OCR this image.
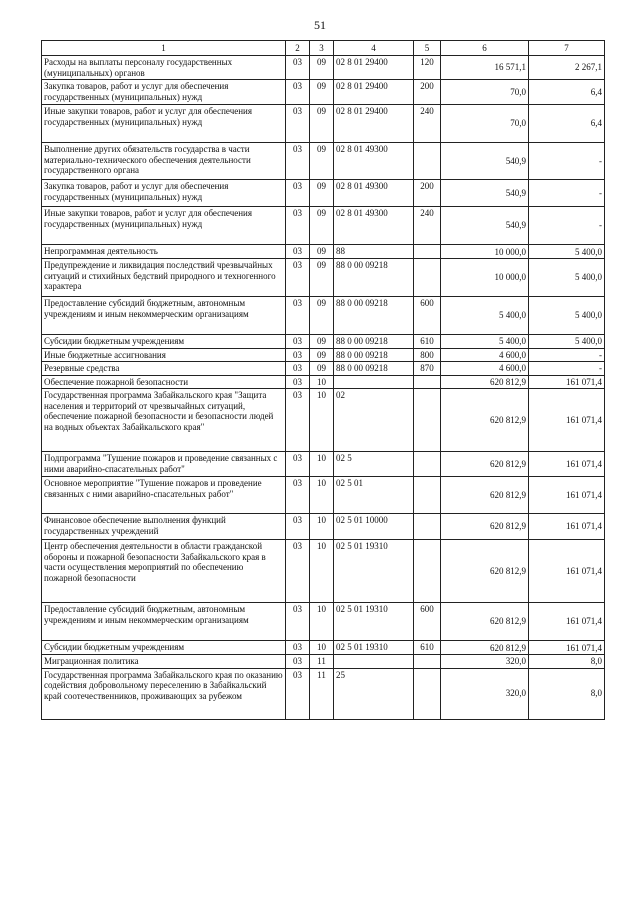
51
1	2	3	4	5	6	7
Расходы на выплаты персоналу государственных (муниципальных) органов	03	09	02 8 01 29400	120	16 571,1	2 267,1
Закупка товаров, работ и услуг для обеспечения государственных (муниципальных) нужд	03	09	02 8 01 29400	200	70,0	6,4
Иные закупки товаров, работ и услуг для обеспечения государственных (муниципальных) нужд	03	09	02 8 01 29400	240	70,0	6,4
Выполнение других обязательств государства в части материально-технического обеспечения деятельности государственного органа	03	09	02 8 01 49300		540,9	-
Закупка товаров, работ и услуг для обеспечения государственных (муниципальных) нужд	03	09	02 8 01 49300	200	540,9	-
Иные закупки товаров, работ и услуг для обеспечения государственных (муниципальных) нужд	03	09	02 8 01 49300	240	540,9	-
Непрограммная деятельность	03	09	88		10 000,0	5 400,0
Предупреждение и ликвидация последствий чрезвычайных ситуаций и стихийных бедствий природного и техногенного характера	03	09	88 0 00 09218		10 000,0	5 400,0
Предоставление субсидий бюджетным, автономным учреждениям и иным некоммерческим организациям	03	09	88 0 00 09218	600	5 400,0	5 400,0
Субсидии бюджетным учреждениям	03	09	88 0 00 09218	610	5 400,0	5 400,0
Иные бюджетные ассигнования	03	09	88 0 00 09218	800	4 600,0	-
Резервные средства	03	09	88 0 00 09218	870	4 600,0	-
Обеспечение пожарной безопасности	03	10			620 812,9	161 071,4
Государственная программа Забайкальского края "Защита населения и территорий от чрезвычайных ситуаций, обеспечение пожарной безопасности и безопасности людей на водных объектах Забайкальского края"	03	10	02		620 812,9	161 071,4
Подпрограмма "Тушение пожаров и проведение связанных с ними аварийно-спасательных работ"	03	10	02 5		620 812,9	161 071,4
Основное мероприятие "Тушение пожаров и проведение связанных с ними аварийно-спасательных работ"	03	10	02 5 01		620 812,9	161 071,4
Финансовое обеспечение выполнения функций государственных учреждений	03	10	02 5 01 10000		620 812,9	161 071,4
Центр обеспечения деятельности в области гражданской обороны и пожарной безопасности Забайкальского края в части осуществления мероприятий по обеспечению пожарной безопасности	03	10	02 5 01 19310		620 812,9	161 071,4
Предоставление субсидий бюджетным, автономным учреждениям и иным некоммерческим организациям	03	10	02 5 01 19310	600	620 812,9	161 071,4
Субсидии бюджетным учреждениям	03	10	02 5 01 19310	610	620 812,9	161 071,4
Миграционная политика	03	11			320,0	8,0
Государственная программа Забайкальского края по оказанию содействия добровольному переселению в Забайкальский край соотечественников, проживающих за рубежом	03	11	25		320,0	8,0
